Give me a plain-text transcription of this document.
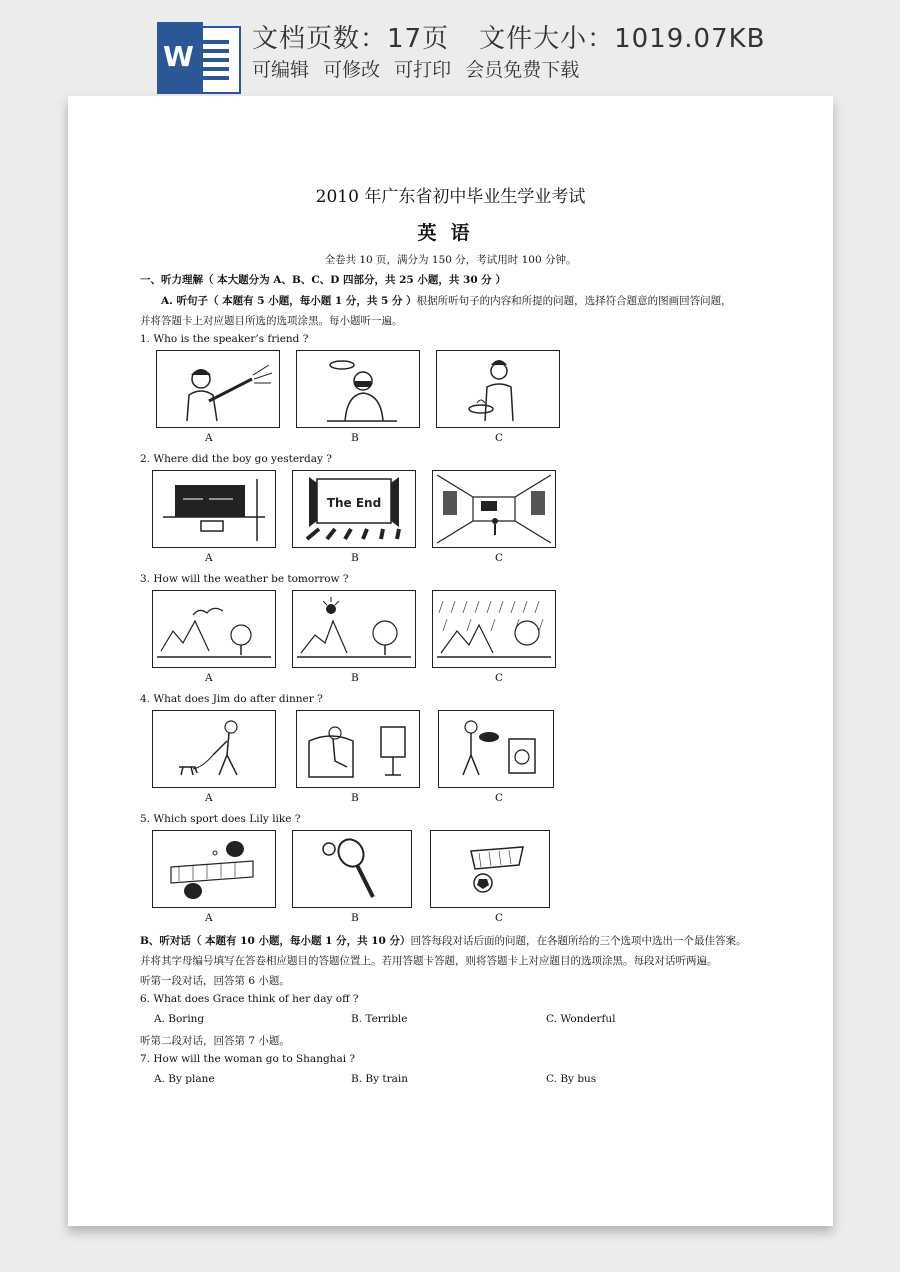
W
文档页数：17页 文件大小：1019.07KB
可编辑 可修改 可打印 会员免费下载
2010 年广东省初中毕业生学业考试
英语
全卷共 10 页，满分为 150 分，考试用时 100 分钟。
一、听力理解（ 本大题分为 A、B、C、D 四部分，共 25 小题，共 30 分 ）
A. 听句子（ 本题有 5 小题，每小题 1 分，共 5 分 ）根据所听句子的内容和所提的问题，选择符合题意的图画回答问题，
并将答题卡上对应题目所选的选项涂黑。每小题听一遍。
1. Who is the speaker’s friend ?
A	B	C
2. Where did the boy go yesterday ?
The End
A	B	C
3. How will the weather be tomorrow ?
A	B	C
4. What does Jim do after dinner ?
A	B	C
5. Which sport does Lily like ?
A	B	C
B、听对话（ 本题有 10 小题，每小题 1 分，共 10 分）回答每段对话后面的问题，在各题所给的三个选项中选出一个最佳答案。
并将其字母编号填写在答卷相应题目的答题位置上。若用答题卡答题，则将答题卡上对应题目的选项涂黑。每段对话听两遍。
听第一段对话，回答第 6 小题。
6. What does Grace think of her day off ?
A. Boring	B. Terrible	C. Wonderful
听第二段对话，回答第 7 小题。
7. How will the woman go to Shanghai ?
A. By plane	B. By train	C. By bus
